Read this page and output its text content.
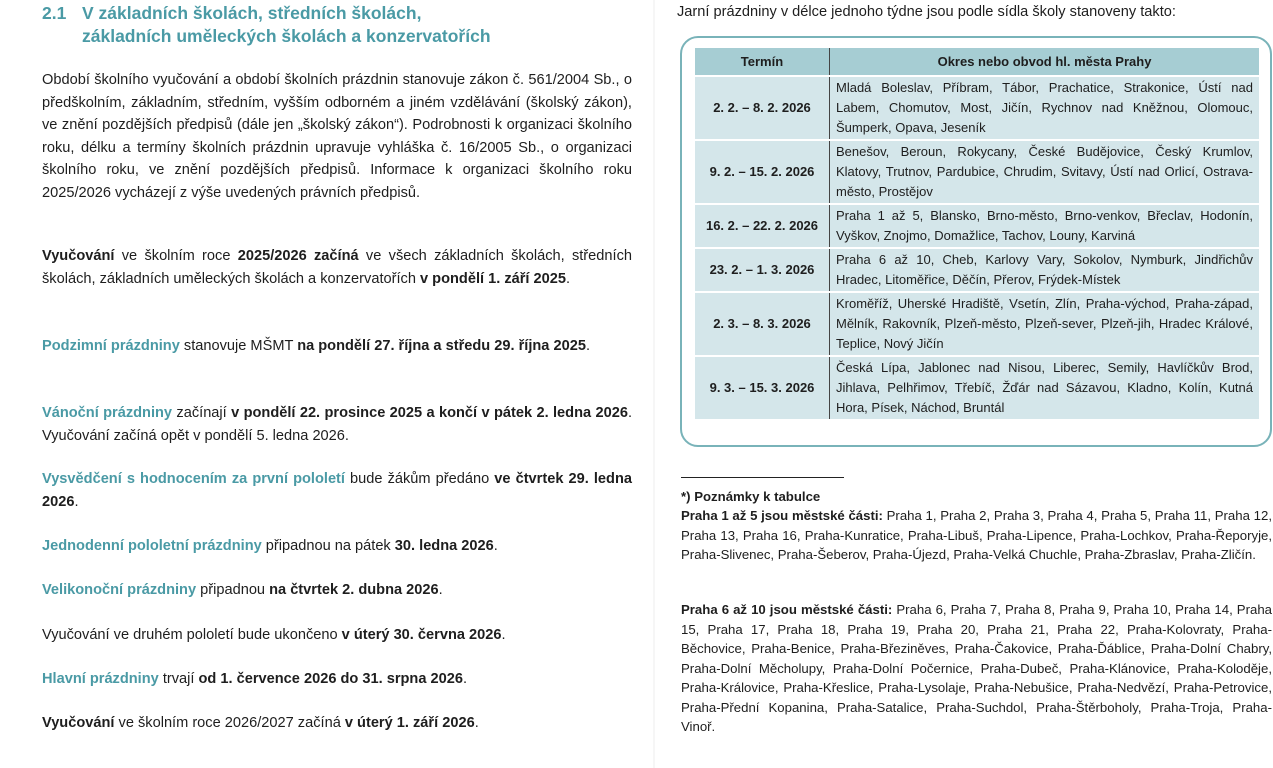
2.1 V základních školách, středních školách,
základních uměleckých školách a konzervatořích
Období školního vyučování a období školních prázdnin stanovuje zákon č. 561/2004 Sb., o předškolním, základním, středním, vyšším odborném a jiném vzdělávání (školský zákon), ve znění pozdějších předpisů (dále jen „školský zákon“). Podrobnosti k organizaci školního roku, délku a termíny školních prázdnin upravuje vyhláška č. 16/2005 Sb., o organizaci školního roku, ve znění pozdějších předpisů. Informace k organizaci školního roku 2025/2026 vycházejí z výše uvedených právních předpisů.
Vyučování ve školním roce 2025/2026 začíná ve všech základních školách, středních školách, základních uměleckých školách a konzervatořích v pondělí 1. září 2025.
Podzimní prázdniny stanovuje MŠMT na pondělí 27. října a středu 29. října 2025.
Vánoční prázdniny začínají v pondělí 22. prosince 2025 a končí v pátek 2. ledna 2026. Vyučování začíná opět v pondělí 5. ledna 2026.
Vysvědčení s hodnocením za první pololetí bude žákům předáno ve čtvrtek 29. ledna 2026.
Jednodenní pololetní prázdniny připadnou na pátek 30. ledna 2026.
Velikonoční prázdniny připadnou na čtvrtek 2. dubna 2026.
Vyučování ve druhém pololetí bude ukončeno v úterý 30. června 2026.
Hlavní prázdniny trvají od 1. července 2026 do 31. srpna 2026.
Vyučování ve školním roce 2026/2027 začíná v úterý 1. září 2026.
Jarní prázdniny v délce jednoho týdne jsou podle sídla školy stanoveny takto:
Termín	Okres nebo obvod hl. města Prahy
2. 2. – 8. 2. 2026	Mladá Boleslav, Příbram, Tábor, Prachatice, Strakonice, Ústí nad Labem, Chomutov, Most, Jičín, Rychnov nad Kněžnou, Olomouc, Šumperk, Opava, Jeseník
9. 2. – 15. 2. 2026	Benešov, Beroun, Rokycany, České Budějovice, Český Krumlov, Klatovy, Trutnov, Pardubice, Chrudim, Svitavy, Ústí nad Orlicí, Ostrava-město, Prostějov
16. 2. – 22. 2. 2026	Praha 1 až 5, Blansko, Brno-město, Brno-venkov, Břeclav, Hodonín, Vyškov, Znojmo, Domažlice, Tachov, Louny, Karviná
23. 2. – 1. 3. 2026	Praha 6 až 10, Cheb, Karlovy Vary, Sokolov, Nymburk, Jindřichův Hradec, Litoměřice, Děčín, Přerov, Frýdek-Místek
2. 3. – 8. 3. 2026	Kroměříž, Uherské Hradiště, Vsetín, Zlín, Praha-východ, Praha-západ, Mělník, Rakovník, Plzeň-město, Plzeň-sever, Plzeň-jih, Hradec Králové, Teplice, Nový Jičín
9. 3. – 15. 3. 2026	Česká Lípa, Jablonec nad Nisou, Liberec, Semily, Havlíčkův Brod, Jihlava, Pelhřimov, Třebíč, Žďár nad Sázavou, Kladno, Kolín, Kutná Hora, Písek, Náchod, Bruntál
*) Poznámky k tabulce
Praha 1 až 5 jsou městské části: Praha 1, Praha 2, Praha 3, Praha 4, Praha 5, Praha 11, Praha 12, Praha 13, Praha 16, Praha-Kunratice, Praha-Libuš, Praha-Lipence, Praha-Lochkov, Praha-Řeporyje, Praha-Slivenec, Praha-Šeberov, Praha-Újezd, Praha-Velká Chuchle, Praha-Zbraslav, Praha-Zličín.
Praha 6 až 10 jsou městské části: Praha 6, Praha 7, Praha 8, Praha 9, Praha 10, Praha 14, Praha 15, Praha 17, Praha 18, Praha 19, Praha 20, Praha 21, Praha 22, Praha-Kolovraty, Praha-Běchovice, Praha-Benice, Praha-Březiněves, Praha-Čakovice, Praha-Ďáblice, Praha-Dolní Chabry, Praha-Dolní Měcholupy, Praha-Dolní Počernice, Praha-Dubeč, Praha-Klánovice, Praha-Koloděje, Praha-Královice, Praha-Křeslice, Praha-Lysolaje, Praha-Nebušice, Praha-Nedvězí, Praha-Petrovice, Praha-Přední Kopanina, Praha-Satalice, Praha-Suchdol, Praha-Štěrboholy, Praha-Troja, Praha-Vinoř.
